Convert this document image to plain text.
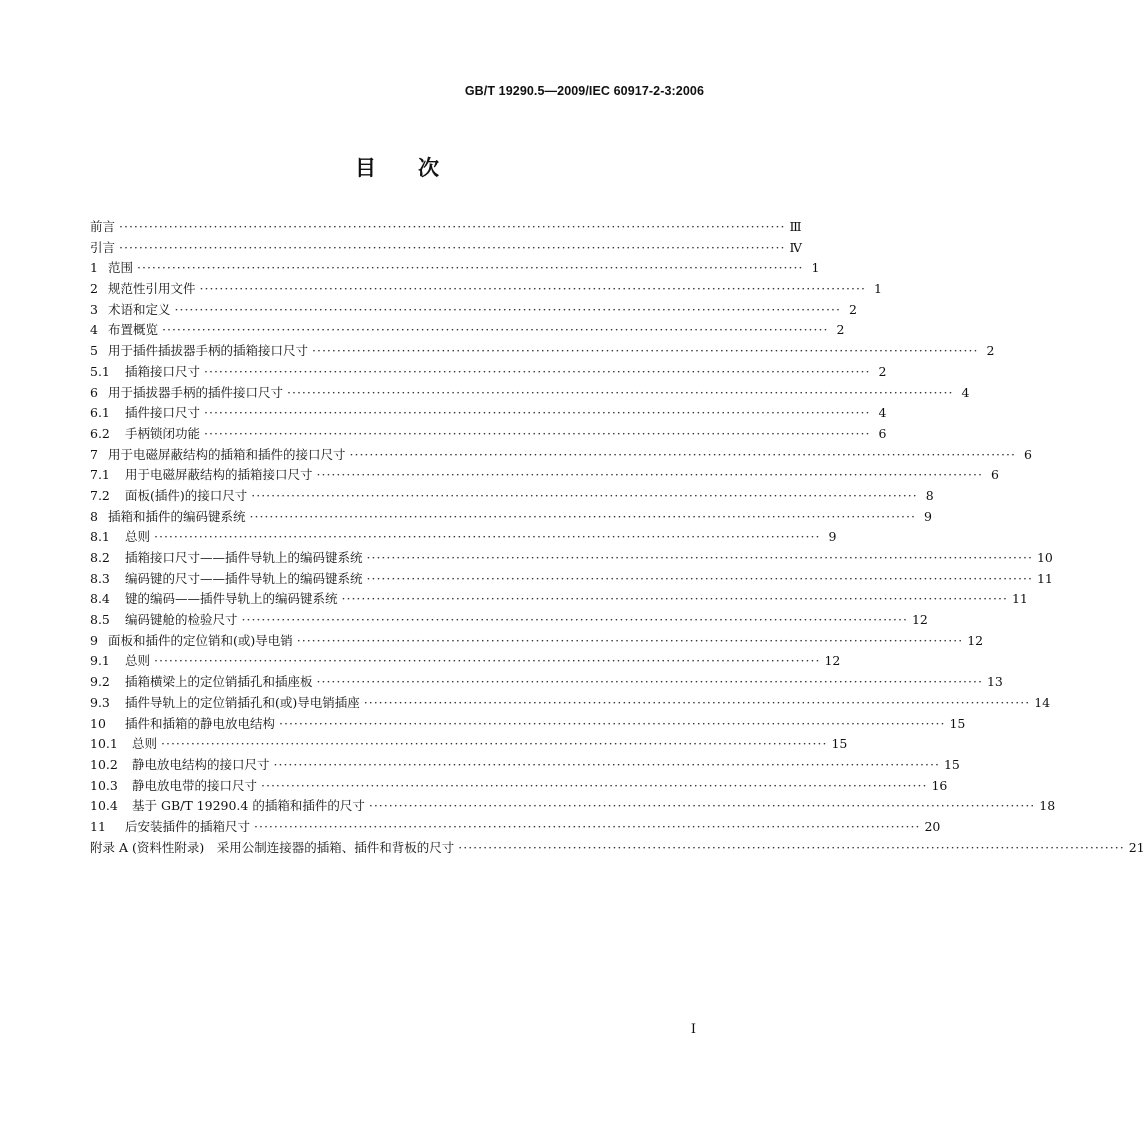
GB/T 19290.5—2009/IEC 60917-2-3:2006
目　　次
前言 ·····	Ⅲ
引言 ·····	Ⅳ
1 范围 ·····	1
2 规范性引用文件 ·····	1
3 术语和定义 ·····	2
4 布置概览 ·····	2
5 用于插件插拔器手柄的插箱接口尺寸 ·····	2
5.1	插箱接口尺寸 ·····	2
6 用于插拔器手柄的插件接口尺寸 ·····	4
6.1	插件接口尺寸 ·····	4
6.2	手柄锁闭功能 ·····	6
7 用于电磁屏蔽结构的插箱和插件的接口尺寸 ·····	6
7.1	用于电磁屏蔽结构的插箱接口尺寸 ·····	6
7.2	面板(插件)的接口尺寸 ·····	8
8 插箱和插件的编码键系统 ·····	9
8.1	总则 ·····	9
8.2	插箱接口尺寸——插件导轨上的编码键系统 ·····	10
8.3	编码键的尺寸——插件导轨上的编码键系统 ·····	11
8.4	键的编码——插件导轨上的编码键系统 ·····	11
8.5	编码键舱的检验尺寸 ·····	12
9 面板和插件的定位销和(或)导电销 ·····	12
9.1	总则 ·····	12
9.2	插箱横梁上的定位销插孔和插座板 ·····	13
9.3	插件导轨上的定位销插孔和(或)导电销插座 ·····	14
10	插件和插箱的静电放电结构 ·····	15
10.1	总则 ·····	15
10.2	静电放电结构的接口尺寸 ·····	15
10.3	静电放电带的接口尺寸 ·····	16
10.4	基于 GB/T 19290.4 的插箱和插件的尺寸 ·····	18
11	后安装插件的插箱尺寸 ·····	20
附录 A (资料性附录)　采用公制连接器的插箱、插件和背板的尺寸 ·····	21
I
